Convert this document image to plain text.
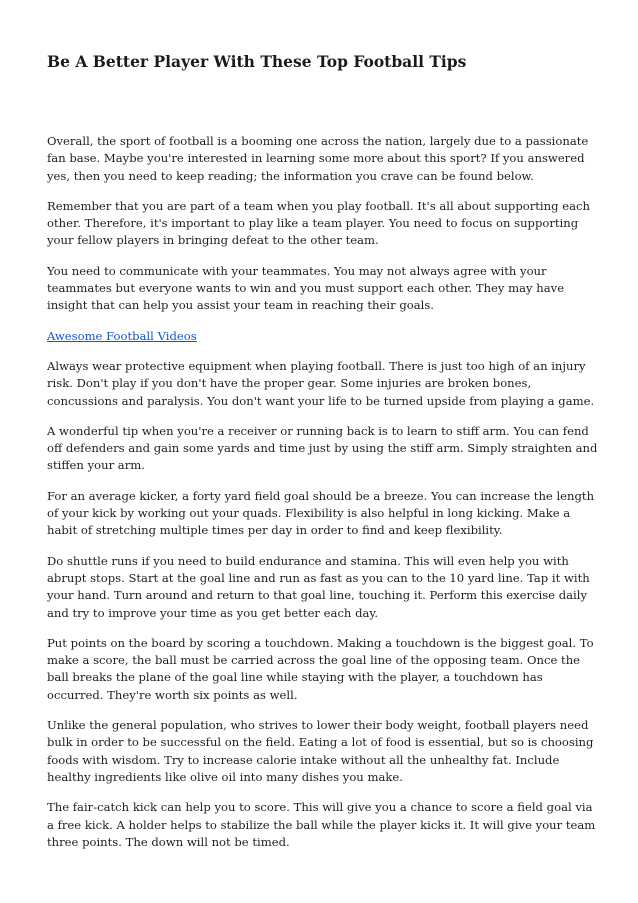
Be A Better Player With These Top Football Tips

Overall, the sport of football is a booming one across the nation, largely due to a passionate fan base. Maybe you're interested in learning some more about this sport? If you answered yes, then you need to keep reading; the information you crave can be found below.

Remember that you are part of a team when you play football. It's all about supporting each other. Therefore, it's important to play like a team player. You need to focus on supporting your fellow players in bringing defeat to the other team.

You need to communicate with your teammates. You may not always agree with your teammates but everyone wants to win and you must support each other. They may have insight that can help you assist your team in reaching their goals.

Awesome Football Videos

Always wear protective equipment when playing football. There is just too high of an injury risk. Don't play if you don't have the proper gear. Some injuries are broken bones, concussions and paralysis. You don't want your life to be turned upside from playing a game.

A wonderful tip when you're a receiver or running back is to learn to stiff arm. You can fend off defenders and gain some yards and time just by using the stiff arm. Simply straighten and stiffen your arm.

For an average kicker, a forty yard field goal should be a breeze. You can increase the length of your kick by working out your quads. Flexibility is also helpful in long kicking. Make a habit of stretching multiple times per day in order to find and keep flexibility.

Do shuttle runs if you need to build endurance and stamina. This will even help you with abrupt stops. Start at the goal line and run as fast as you can to the 10 yard line. Tap it with your hand. Turn around and return to that goal line, touching it. Perform this exercise daily and try to improve your time as you get better each day.

Put points on the board by scoring a touchdown. Making a touchdown is the biggest goal. To make a score, the ball must be carried across the goal line of the opposing team. Once the ball breaks the plane of the goal line while staying with the player, a touchdown has occurred. They're worth six points as well.

Unlike the general population, who strives to lower their body weight, football players need bulk in order to be successful on the field. Eating a lot of food is essential, but so is choosing foods with wisdom. Try to increase calorie intake without all the unhealthy fat. Include healthy ingredients like olive oil into many dishes you make.

The fair-catch kick can help you to score. This will give you a chance to score a field goal via a free kick. A holder helps to stabilize the ball while the player kicks it. It will give your team three points. The down will not be timed.
